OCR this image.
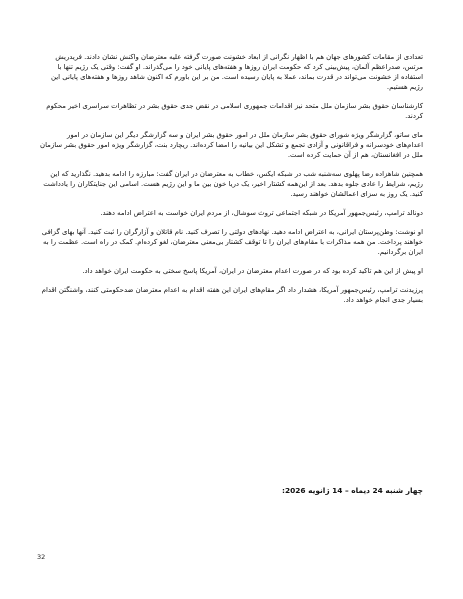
تعدادی از مقامات کشورهای جهان هم با اظهار نگرانی از ابعاد خشونت صورت گرفته علیه معترضان واکنش نشان دادند. فریدریش مرتس، صدراعظم آلمان، پیش‌بینی کرد که حکومت ایران روزها و هفته‌های پایانی خود را می‌گذراند. او گفت: وقتی یک رژیم تنها با استفاده از خشونت می‌تواند در قدرت بماند، عملا به پایان رسیده است. من بر این باورم که اکنون شاهد روزها و هفته‌های پایانی این رژیم هستیم.

کارشناسان حقوق بشر سازمان ملل متحد نیز اقدامات جمهوری اسلامی در نقض جدی حقوق بشر در تظاهرات سراسری اخیر محکوم کردند.

مای ساتو، گزارشگر ویژه شورای حقوق بشر سازمان ملل در امور حقوق بشر ایران و سه گزارشگر دیگر این سازمان در امور اعدام‌های خودسرانه و فراقانونی و آزادی تجمع و تشکل این بیانیه را امضا کرده‌اند. ریچارد بنت، گزارشگر ویژه امور حقوق بشر سازمان ملل در افغانستان، هم از آن حمایت کرده است.

همچنین شاهزاده رضا پهلوی سه‌شنبه شب در شبکه ایکس، خطاب به معترضان در ایران گفت: مبارزه را ادامه بدهید. نگذارید که این رژیم، شرایط را عادی جلوه بدهد. بعد از این‌همه کشتار اخیر، یک دریا خون بین ما و این رژیم هست. اسامی این جنایتکاران را یادداشت کنید. یک روز به سزای اعمالشان خواهند رسید.

دونالد ترامپ، رئیس‌جمهور آمریکا در شبکه اجتماعی تروث سوشال، از مردم ایران خواست به اعتراض ادامه دهند.

او نوشت: وطن‌پرستان ایرانی، به اعتراض ادامه دهید. نهادهای دولتی را تصرف کنید. نام قاتلان و آزارگران را ثبت کنید. آنها بهای گزافی خواهند پرداخت. من همه مذاکرات با مقام‌های ایران را تا توقف کشتار بی‌معنی معترضان، لغو کرده‌ام. کمک در راه است. عظمت را به ایران برگردانیم.

او پیش از این هم تاکید کرده بود که در صورت اعدام معترضان در ایران، آمریکا پاسخ سختی به حکومت ایران خواهد داد.

پرزیدنت ترامپ، رئیس‌جمهور آمریکا، هشدار داد اگر مقام‌های ایران این هفته اقدام به اعدام معترضان ضدحکومتی کنند، واشنگتن اقدام بسیار جدی انجام خواهد داد.

چهار شنبه 24 دیماه – 14 ژانویه 2026:
32
